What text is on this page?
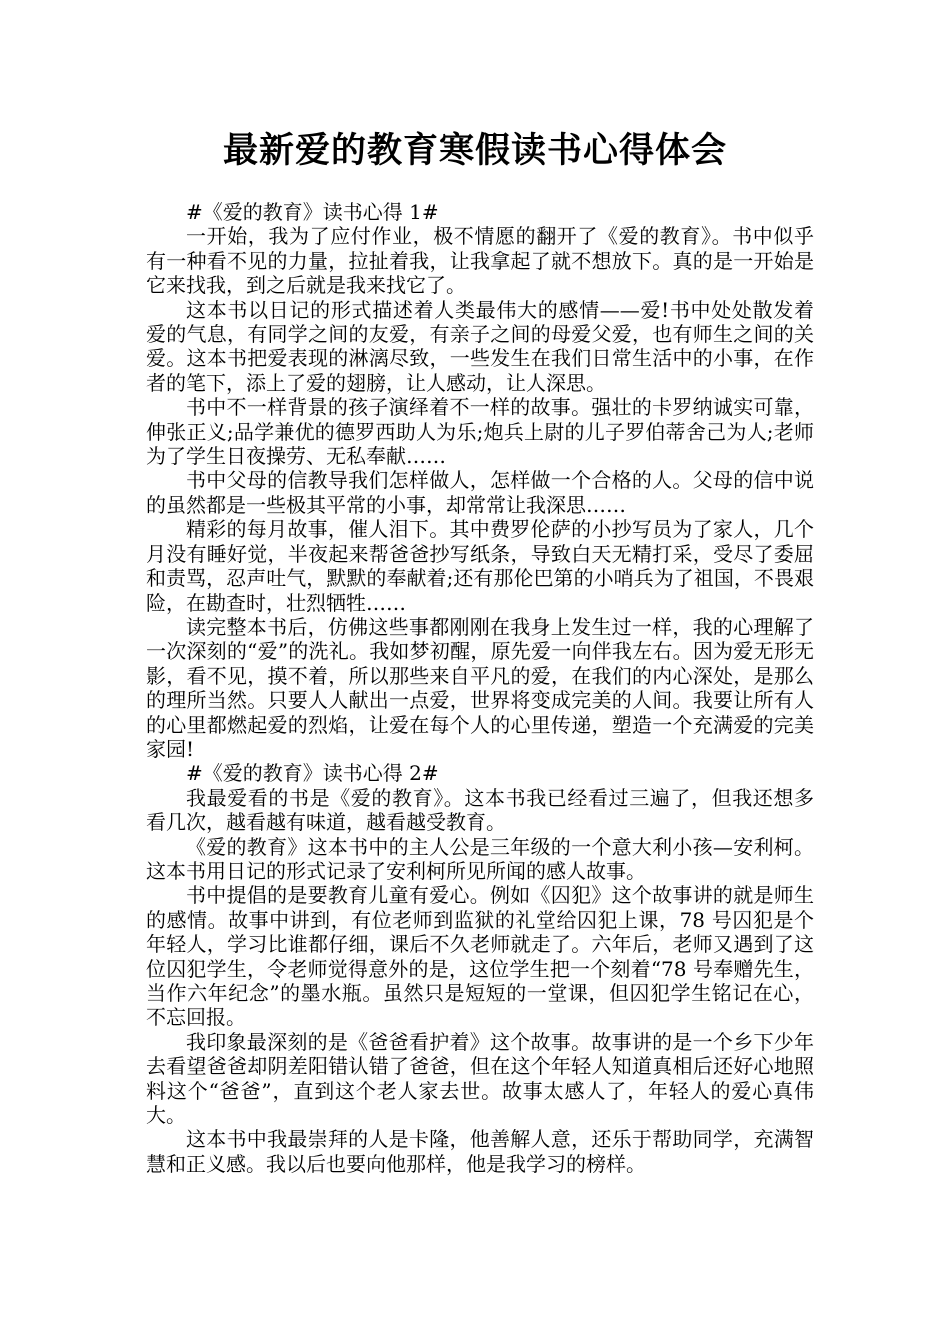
最新爱的教育寒假读书心得体会

#《爱的教育》读书心得 1#

一开始，我为了应付作业，极不情愿的翻开了《爱的教育》。书中似乎有一种看不见的力量，拉扯着我，让我拿起了就不想放下。真的是一开始是它来找我，到之后就是我来找它了。

这本书以日记的形式描述着人类最伟大的感情——爱!书中处处散发着爱的气息，有同学之间的友爱，有亲子之间的母爱父爱，也有师生之间的关爱。这本书把爱表现的淋漓尽致，一些发生在我们日常生活中的小事，在作者的笔下，添上了爱的翅膀，让人感动，让人深思。

书中不一样背景的孩子演绎着不一样的故事。强壮的卡罗纳诚实可靠，伸张正义;品学兼优的德罗西助人为乐;炮兵上尉的儿子罗伯蒂舍己为人;老师为了学生日夜操劳、无私奉献……

书中父母的信教导我们怎样做人，怎样做一个合格的人。父母的信中说的虽然都是一些极其平常的小事，却常常让我深思……

精彩的每月故事，催人泪下。其中费罗伦萨的小抄写员为了家人，几个月没有睡好觉，半夜起来帮爸爸抄写纸条，导致白天无精打采，受尽了委屈和责骂，忍声吐气，默默的奉献着;还有那伦巴第的小哨兵为了祖国，不畏艰险，在勘查时，壮烈牺牲……

读完整本书后，仿佛这些事都刚刚在我身上发生过一样，我的心理解了一次深刻的“爱”的洗礼。我如梦初醒，原先爱一向伴我左右。因为爱无形无影，看不见，摸不着，所以那些来自平凡的爱，在我们的内心深处，是那么的理所当然。只要人人献出一点爱，世界将变成完美的人间。我要让所有人的心里都燃起爱的烈焰，让爱在每个人的心里传递，塑造一个充满爱的完美家园!

#《爱的教育》读书心得 2#

我最爱看的书是《爱的教育》。这本书我已经看过三遍了，但我还想多看几次，越看越有味道，越看越受教育。

《爱的教育》这本书中的主人公是三年级的一个意大利小孩—安利柯。这本书用日记的形式记录了安利柯所见所闻的感人故事。

书中提倡的是要教育儿童有爱心。例如《囚犯》这个故事讲的就是师生的感情。故事中讲到，有位老师到监狱的礼堂给囚犯上课，78 号囚犯是个年轻人，学习比谁都仔细，课后不久老师就走了。六年后，老师又遇到了这位囚犯学生，令老师觉得意外的是，这位学生把一个刻着“78 号奉赠先生，当作六年纪念”的墨水瓶。虽然只是短短的一堂课，但囚犯学生铭记在心，不忘回报。

我印象最深刻的是《爸爸看护着》这个故事。故事讲的是一个乡下少年去看望爸爸却阴差阳错认错了爸爸，但在这个年轻人知道真相后还好心地照料这个“爸爸”，直到这个老人家去世。故事太感人了，年轻人的爱心真伟大。

这本书中我最崇拜的人是卡隆，他善解人意，还乐于帮助同学，充满智慧和正义感。我以后也要向他那样，他是我学习的榜样。
